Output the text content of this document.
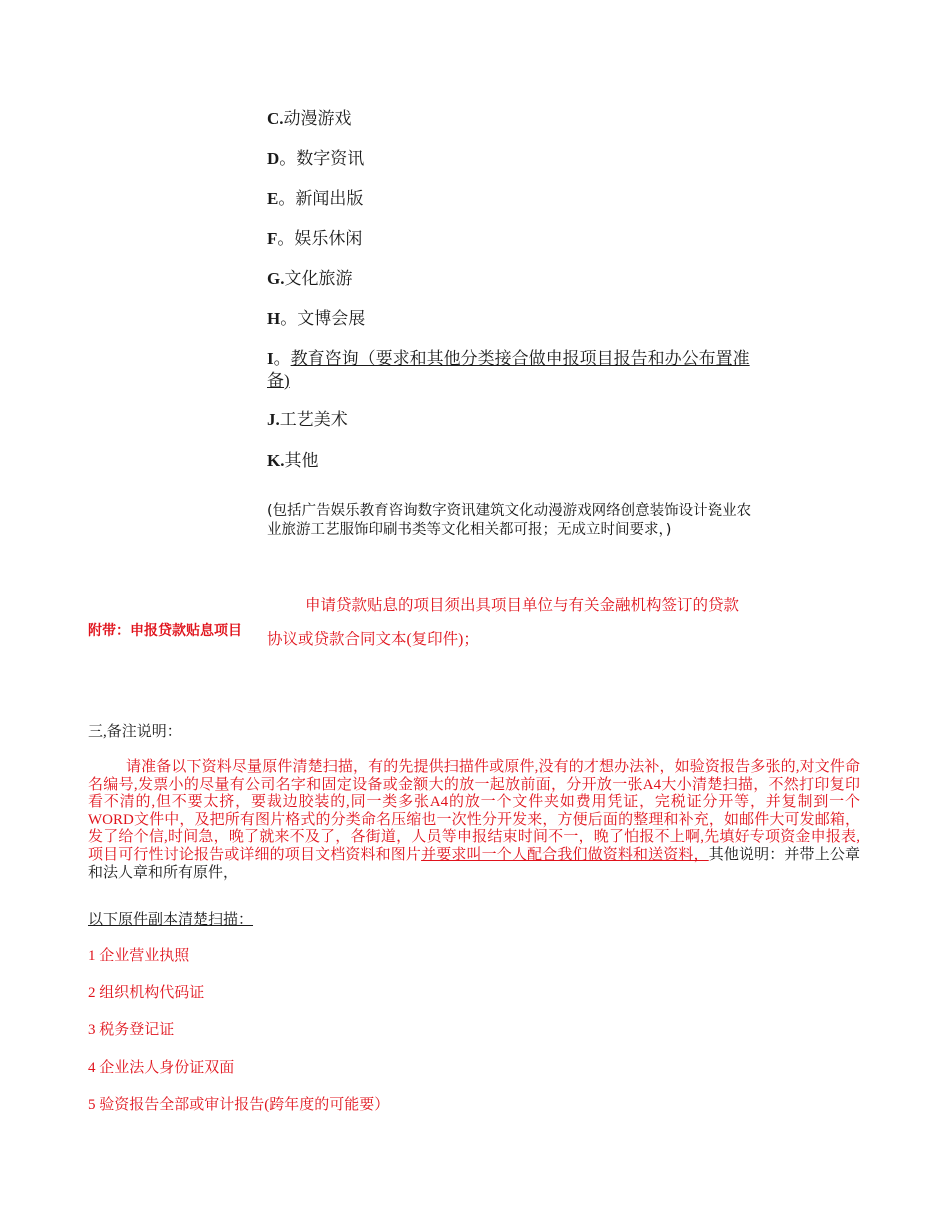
C.动漫游戏
D。数字资讯
E。新闻出版
F。娱乐休闲
G.文化旅游
H。文博会展
I。教育咨询（要求和其他分类接合做申报项目报告和办公布置准备)
J.工艺美术
K.其他
(包括广告娱乐教育咨询数字资讯建筑文化动漫游戏网络创意装饰设计瓷业农业旅游工艺服饰印刷书类等文化相关都可报；无成立时间要求，)
附带：申报贷款贴息项目
申请贷款贴息的项目须出具项目单位与有关金融机构签订的贷款
协议或贷款合同文本(复印件)；
三,备注说明：
请准备以下资料尽量原件清楚扫描，有的先提供扫描件或原件,没有的才想办法补，如验资报告多张的,对文件命名编号,发票小的尽量有公司名字和固定设备或金额大的放一起放前面，分开放一张A4大小清楚扫描，不然打印复印看不清的,但不要太挤，要裁边胶装的,同一类多张A4的放一个文件夹如费用凭证，完税证分开等，并复制到一个WORD文件中，及把所有图片格式的分类命名压缩也一次性分开发来，方便后面的整理和补充，如邮件大可发邮箱，发了给个信,时间急，晚了就来不及了，各街道，人员等申报结束时间不一，晚了怕报不上啊,先填好专项资金申报表,项目可行性讨论报告或详细的项目文档资料和图片并要求叫一个人配合我们做资料和送资料，其他说明：并带上公章和法人章和所有原件，
以下原件副本清楚扫描：
1 企业营业执照
2 组织机构代码证
3 税务登记证
4 企业法人身份证双面
5 验资报告全部或审计报告(跨年度的可能要）
